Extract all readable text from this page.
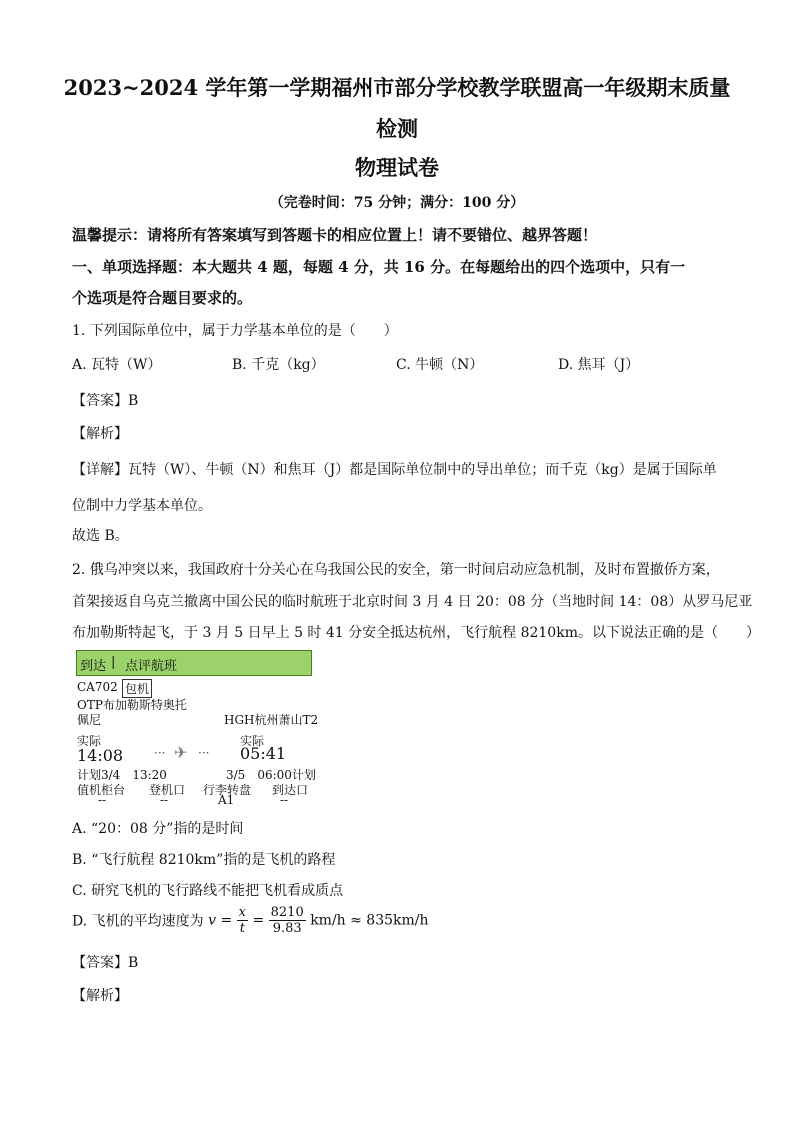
2023~2024 学年第一学期福州市部分学校教学联盟高一年级期末质量
检测
物理试卷
（完卷时间：75 分钟；满分：100 分）
温馨提示：请将所有答案填写到答题卡的相应位置上！请不要错位、越界答题！
一、单项选择题：本大题共 4 题，每题 4 分，共 16 分。在每题给出的四个选项中，只有一
个选项是符合题目要求的。
1. 下列国际单位中，属于力学基本单位的是（　　）
A. 瓦特（W）	B. 千克（kg）	C. 牛顿（N）	D. 焦耳（J）
【答案】B
【解析】
【详解】瓦特（W）、牛顿（N）和焦耳（J）都是国际单位制中的导出单位；而千克（kg）是属于国际单
位制中力学基本单位。
故选 B。
2. 俄乌冲突以来，我国政府十分关心在乌我国公民的安全，第一时间启动应急机制，及时布置撤侨方案，
首架接返自乌克兰撤离中国公民的临时航班于北京时间 3 月 4 日 20：08 分（当地时间 14：08）从罗马尼亚
布加勒斯特起飞，于 3 月 5 日早上 5 时 41 分安全抵达杭州，飞行航程 8210km。以下说法正确的是（　　）
到达 | 点评航班
CA702 包机
OTP布加勒斯特奥托
佩尼	HGH杭州萧山T2
实际	实际
14:08	··· ✈ ··· 05:41
计划3/4　13:20	3/5　06:00计划
值机柜台 登机口 行李转盘 到达口
--	--	A1	--
A. “20：08 分”指的是时间
B. “飞行航程 8210km”指的是飞机的路程
C. 研究飞机的飞行路线不能把飞机看成质点
D. 飞机的平均速度为 $v = \frac{x}{t} = \frac{8210}{9.83} km/h \approx 835km/h$
【答案】B
【解析】
